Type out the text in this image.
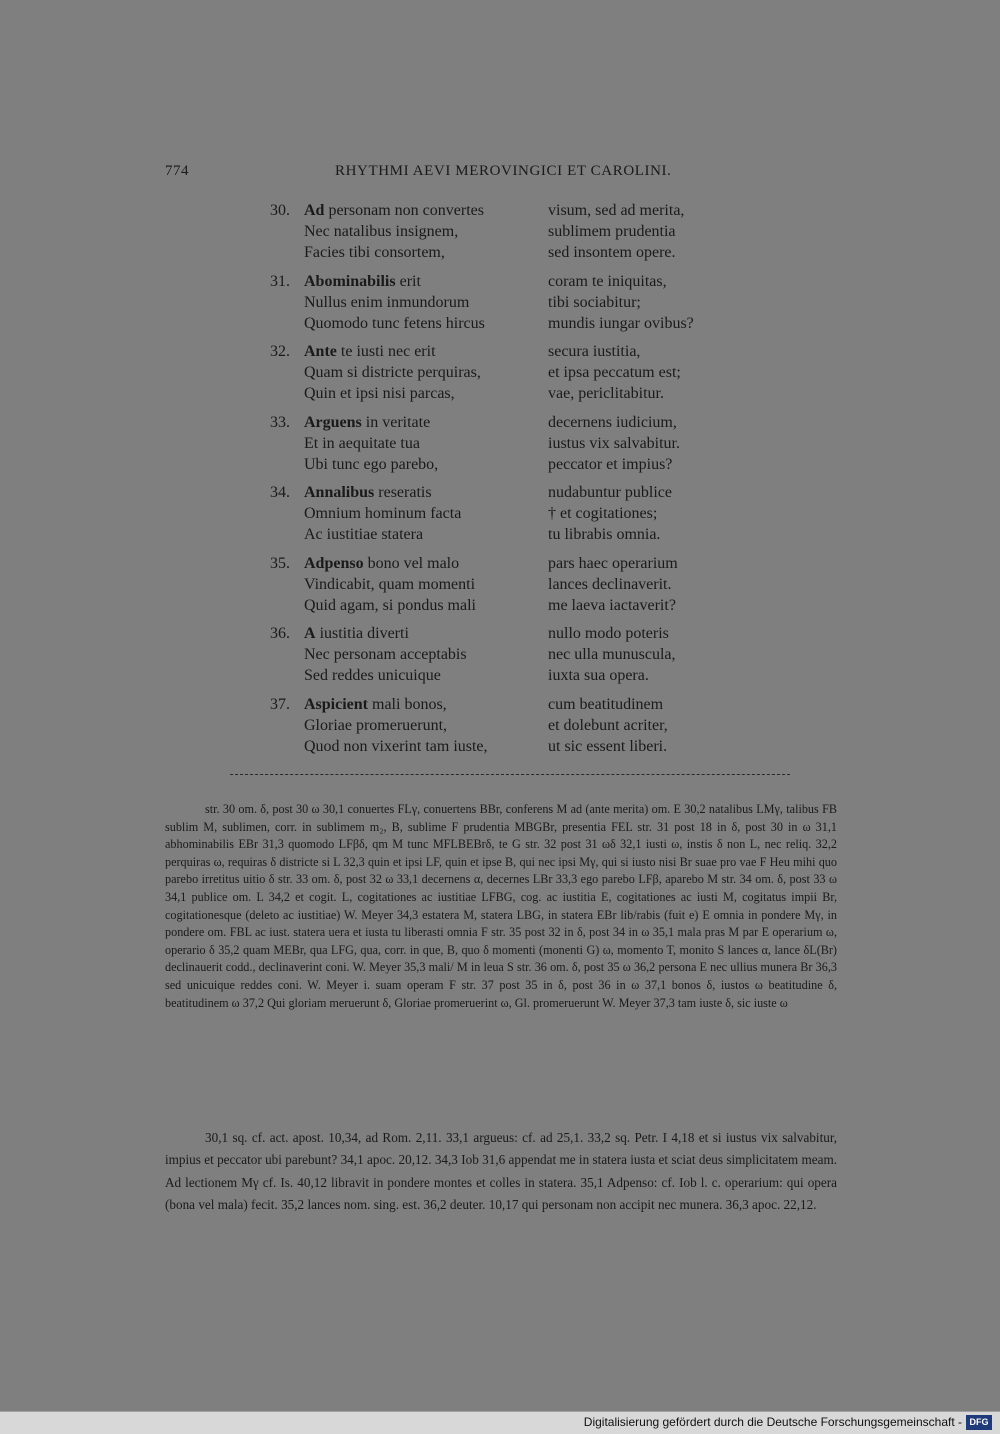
774	RHYTHMI AEVI MEROVINGICI ET CAROLINI.
30. Ad personam non convertes	visum, sed ad merita,
Nec natalibus insignem,	sublimem prudentia
Facies tibi consortem,	sed insontem opere.
31. Abominabilis erit	coram te iniquitas,
Nullus enim inmundorum	tibi sociabitur;
Quomodo tunc fetens hircus	mundis iungar ovibus?
32. Ante te iusti nec erit	secura iustitia,
Quam si districte perquiras,	et ipsa peccatum est;
Quin et ipsi nisi parcas,	vae, periclitabitur.
33. Arguens in veritate	decernens iudicium,
Et in aequitate tua	iustus vix salvabitur.
Ubi tunc ego parebo,	peccator et impius?
34. Annalibus reseratis	nudabuntur publice
Omnium hominum facta	† et cogitationes;
Ac iustitiae statera	tu librabis omnia.
35. Adpenso bono vel malo	pars haec operarium
Vindicabit, quam momenti	lances declinaverit.
Quid agam, si pondus mali	me laeva iactaverit?
36. A iustitia diverti	nullo modo poteris
Nec personam acceptabis	nec ulla munuscula,
Sed reddes unicuique	iuxta sua opera.
37. Aspicient mali bonos,	cum beatitudinem
Gloriae promeruerunt,	et dolebunt acriter,
Quod non vixerint tam iuste,	ut sic essent liberi.

str. 30 om. δ, post 30 ω 30,1 conuertes FLγ, conuertens BBr, conferens M ad (ante merita) om. E 30,2 natalibus LMγ, talibus FB sublim M, sublimen, corr. in sublimem m₂, B, sublime F prudentia MBGBr, presentia FEL str. 31 post 18 in δ, post 30 in ω 31,1 abhominabilis EBr 31,3 quomodo LFβδ, qm M tunc MFLBEBrδ, te G str. 32 post 31 ωδ 32,1 iusti ω, instis δ non L, nec reliq. 32,2 perquiras ω, requiras δ districte si L 32,3 quin et ipsi LF, quin et ipse B, qui nec ipsi Mγ, qui si iusto nisi Br suae pro vae F Heu mihi quo parebo irretitus uitio δ str. 33 om. δ, post 32 ω 33,1 decernens α, decernes LBr 33,3 ego parebo LFβ, aparebo M str. 34 om. δ, post 33 ω 34,1 publice om. L 34,2 et cogit. L, cogitationes ac iustitiae LFBG, cog. ac iustitia E, cogitationes ac iusti M, cogitatus impii Br, cogitationesque (deleto ac iustitiae) W. Meyer 34,3 estatera M, statera LBG, in statera EBr lib/rabis (fuit e) E omnia in pondere Mγ, in pondere om. FBL ac iust. statera uera et iusta tu liberasti omnia F str. 35 post 32 in δ, post 34 in ω 35,1 mala pras M par E operarium ω, operario δ 35,2 quam MEBr, qua LFG, qua, corr. in que, B, quo δ momenti (monenti G) ω, momento T, monito S lances α, lance δL(Br) declinauerit codd., declinaverint coni. W. Meyer 35,3 mali/ M in leua S str. 36 om. δ, post 35 ω 36,2 persona E nec ullius munera Br 36,3 sed unicuique reddes coni. W. Meyer i. suam operam F str. 37 post 35 in δ, post 36 in ω 37,1 bonos δ, iustos ω beatitudine δ, beatitudinem ω 37,2 Qui gloriam meruerunt δ, Gloriae promeruerint ω, Gl. promeruerunt W. Meyer 37,3 tam iuste δ, sic iuste ω

30,1 sq. cf. act. apost. 10,34, ad Rom. 2,11. 33,1 argueus: cf. ad 25,1. 33,2 sq. Petr. I 4,18 et si iustus vix salvabitur, impius et peccator ubi parebunt? 34,1 apoc. 20,12. 34,3 Iob 31,6 appendat me in statera iusta et sciat deus simplicitatem meam. Ad lectionem Mγ cf. Is. 40,12 libravit in pondere montes et colles in statera. 35,1 Adpenso: cf. Iob l. c. operarium: qui opera (bona vel mala) fecit. 35,2 lances nom. sing. est. 36,2 deuter. 10,17 qui personam non accipit nec munera. 36,3 apoc. 22,12.

Digitalisierung gefördert durch die Deutsche Forschungsgemeinschaft - DFG
